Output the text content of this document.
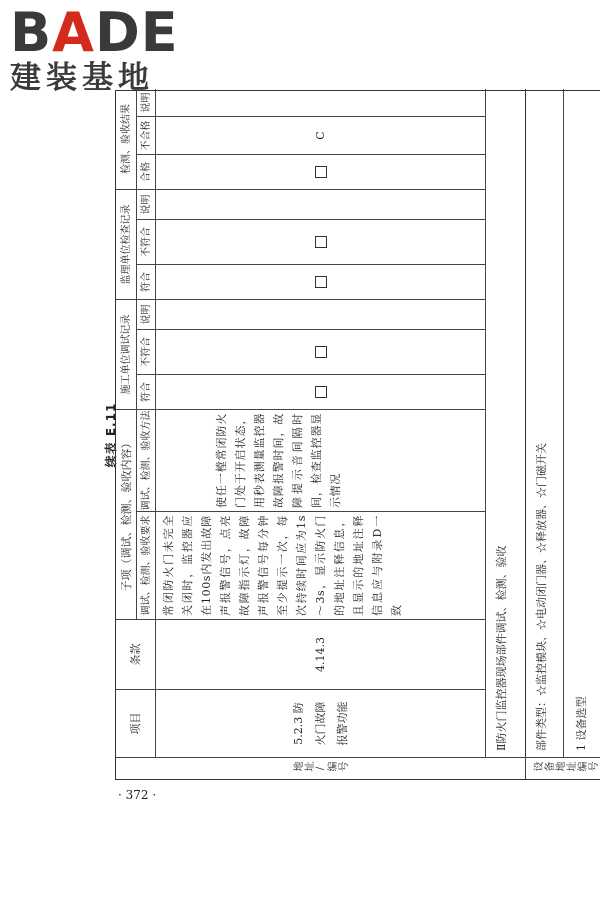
BADE
建装基地
· 372 ·
续表 E.11
地址/编号
项目
条款
子项（调试、检测、验收内容） 调试、检测、验收要求
调试、检测、验收方法
施工单位调试记录 符合
不符合
说明
监理单位检查记录 符合
不符合
说明
检测、验收结果 合格
不合格
说明
5.2.3 防火门故障报警功能
4.14.3
常闭防火门未完全关闭时，监控器应在100s内发出故障声报警信号，点亮故障指示灯，故障声报警信号每分钟至少提示一次，每次持续时间应为1s～3s，显示防火门的地址注释信息，且显示的地址注释信息应与附录D一致
使任一樘常闭防火门处于开启状态，用秒表测量监控器故障报警时间，故障提示音间隔时间，检查监控器显示情况
C
Ⅱ防火门监控器现场部件调试、检测、验收
设备地址编号
部件类型：☆监控模块、☆电动闭门器、☆释放器、☆门磁开关	1 设备选型
